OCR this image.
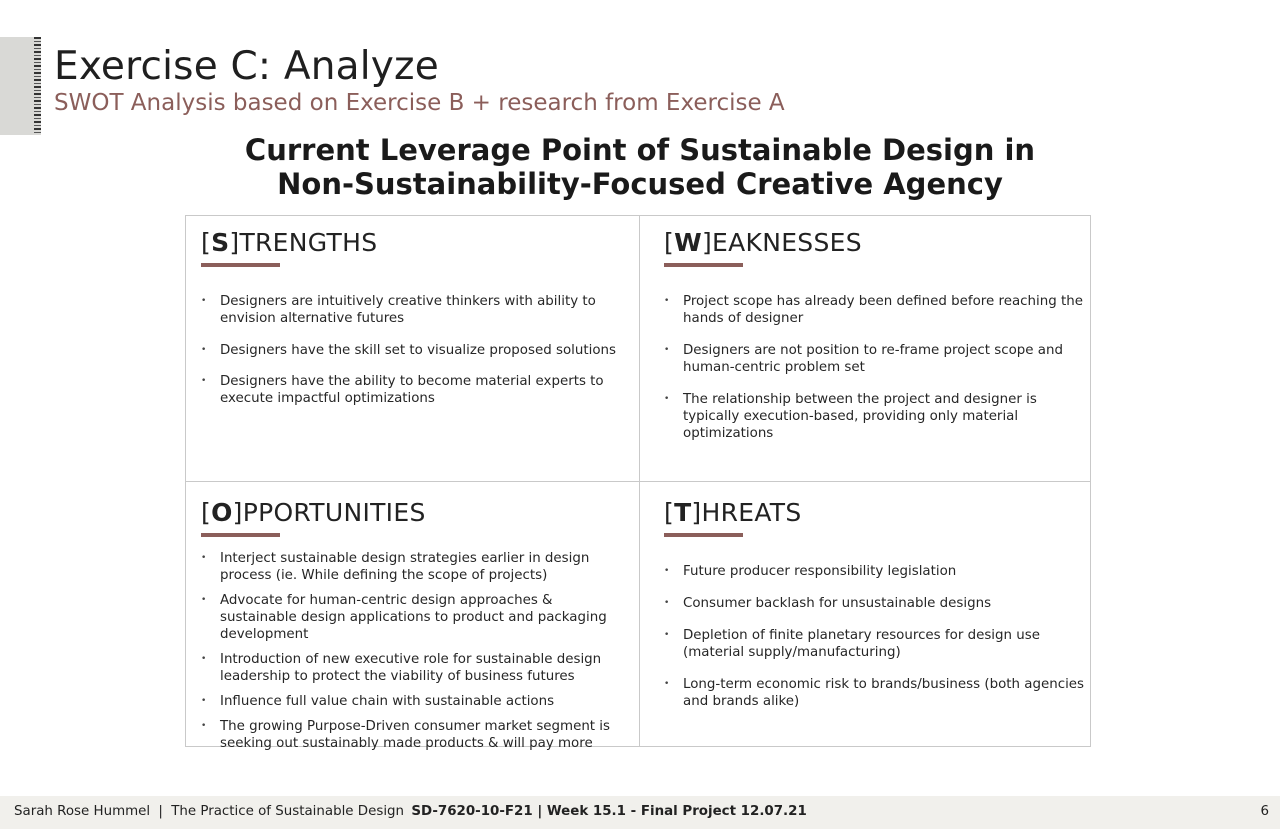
Exercise C: Analyze
SWOT Analysis based on Exercise B + research from Exercise A
Current Leverage Point of Sustainable Design in
Non-Sustainability-Focused Creative Agency
[S]TRENGTHS
• Designers are intuitively creative thinkers with ability to envision alternative futures
• Designers have the skill set to visualize proposed solutions
• Designers have the ability to become material experts to execute impactful optimizations
[W]EAKNESSES
• Project scope has already been defined before reaching the hands of designer
• Designers are not position to re-frame project scope and human-centric problem set
• The relationship between the project and designer is typically execution-based, providing only material optimizations
[O]PPORTUNITIES
• Interject sustainable design strategies earlier in design process (ie. While defining the scope of projects)
• Advocate for human-centric design approaches & sustainable design applications to product and packaging development
• Introduction of new executive role for sustainable design leadership to protect the viability of business futures
• Influence full value chain with sustainable actions
• The growing Purpose-Driven consumer market segment is seeking out sustainably made products & will pay more
[T]HREATS
• Future producer responsibility legislation
• Consumer backlash for unsustainable designs
• Depletion of finite planetary resources for design use (material supply/manufacturing)
• Long-term economic risk to brands/business (both agencies and brands alike)
Sarah Rose Hummel | The Practice of Sustainable Design SD-7620-10-F21 | Week 15.1 - Final Project 12.07.21	6
